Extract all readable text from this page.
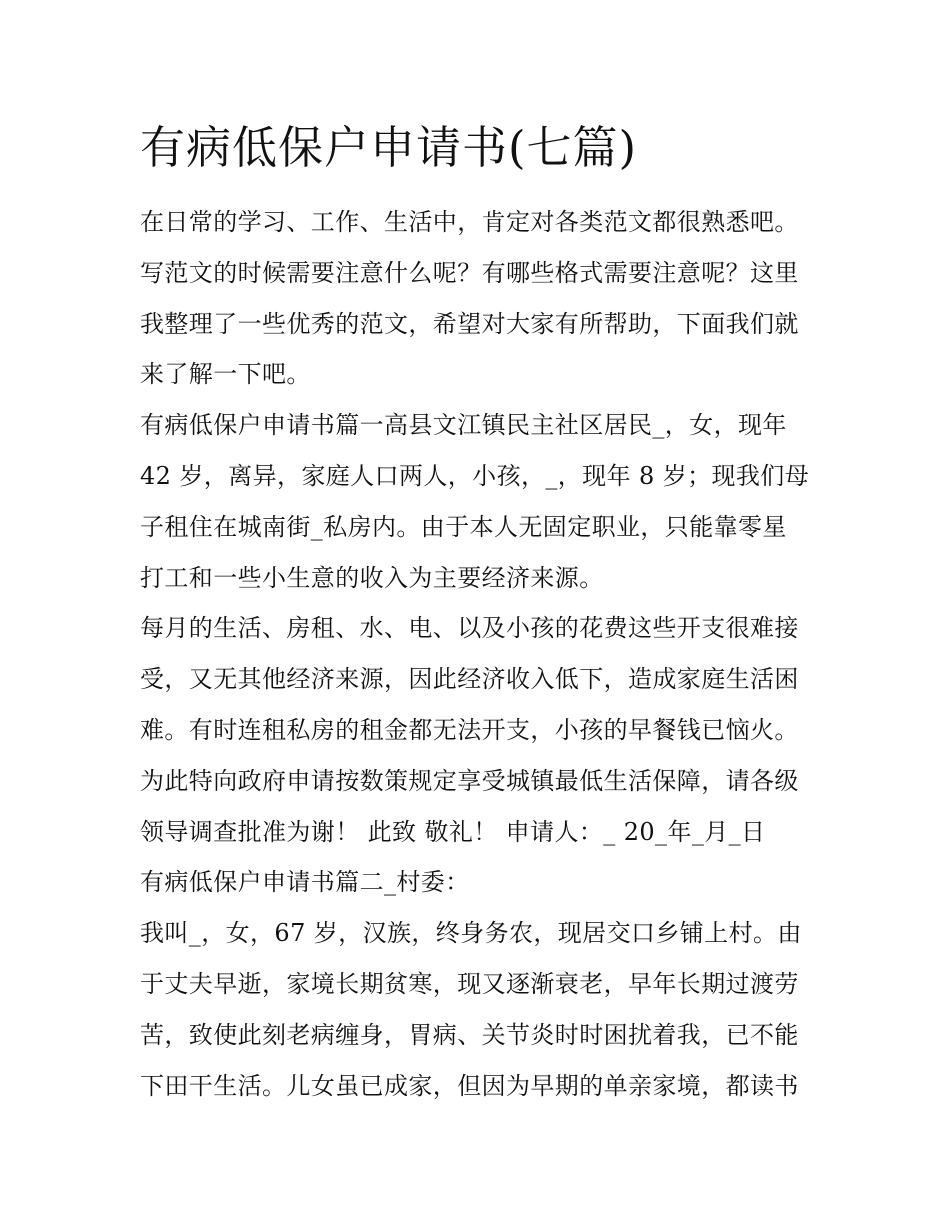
有病低保户申请书(七篇)
在日常的学习、工作、生活中，肯定对各类范文都很熟悉吧。
写范文的时候需要注意什么呢？有哪些格式需要注意呢？这里
我整理了一些优秀的范文，希望对大家有所帮助，下面我们就
来了解一下吧。
有病低保户申请书篇一高县文江镇民主社区居民_，女，现年
42 岁，离异，家庭人口两人，小孩，_，现年 8 岁；现我们母
子租住在城南街_私房内。由于本人无固定职业，只能靠零星
打工和一些小生意的收入为主要经济来源。
每月的生活、房租、水、电、以及小孩的花费这些开支很难接
受，又无其他经济来源，因此经济收入低下，造成家庭生活困
难。有时连租私房的租金都无法开支，小孩的早餐钱已恼火。
为此特向政府申请按数策规定享受城镇最低生活保障，请各级
领导调查批准为谢！ 此致 敬礼！ 申请人：_ 20_年_月_日
有病低保户申请书篇二_村委：
我叫_，女，67 岁，汉族，终身务农，现居交口乡铺上村。由
于丈夫早逝，家境长期贫寒，现又逐渐衰老，早年长期过渡劳
苦，致使此刻老病缠身，胃病、关节炎时时困扰着我，已不能
下田干生活。儿女虽已成家，但因为早期的单亲家境，都读书
